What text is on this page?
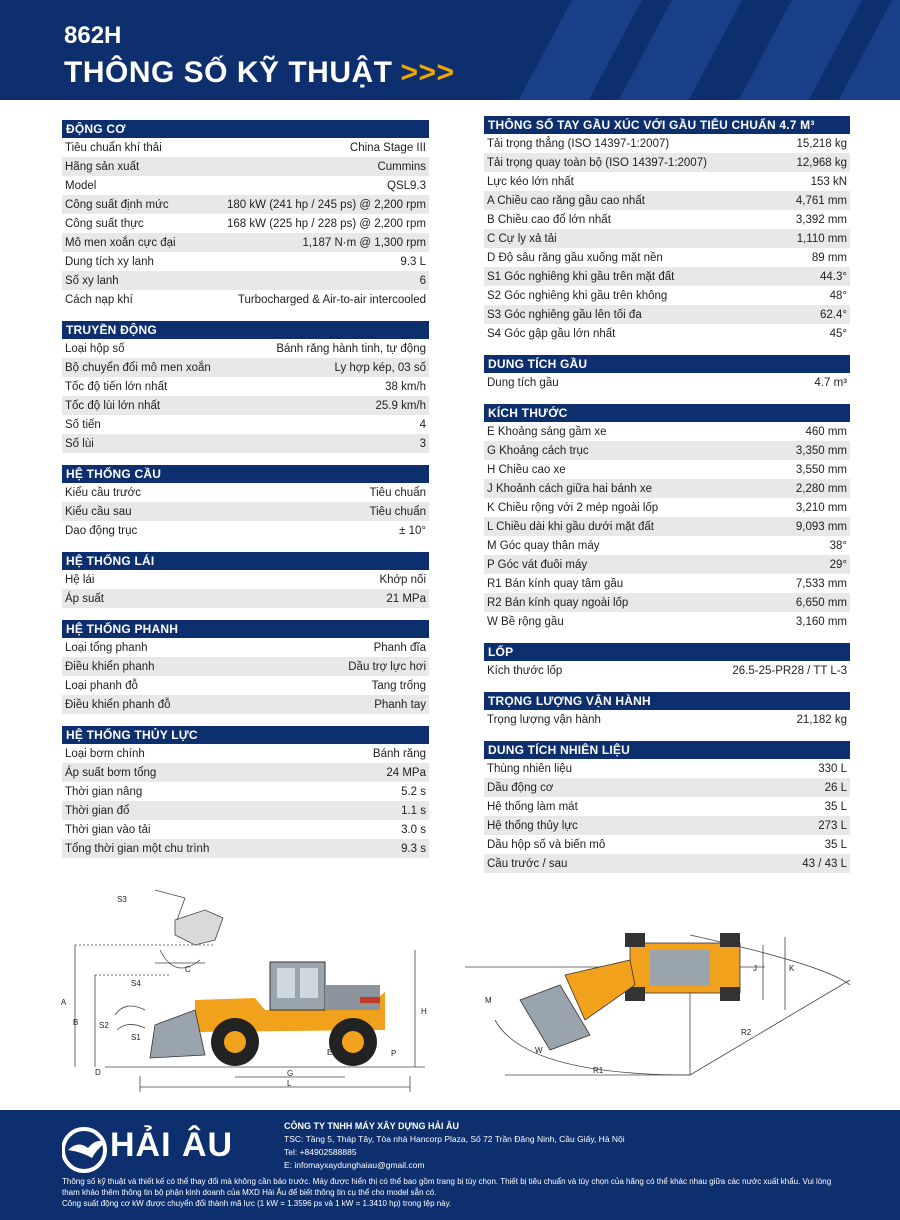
862H
THÔNG SỐ KỸ THUẬT >>>
ĐỘNG CƠ
Tiêu chuẩn khí thải	China Stage III
Hãng sản xuất	Cummins
Model	QSL9.3
Công suất định mức	180 kW (241 hp / 245 ps) @ 2,200 rpm
Công suất thực	168 kW (225 hp / 228 ps) @ 2,200 rpm
Mô men xoắn cực đại	1,187 N·m @ 1,300 rpm
Dung tích xy lanh	9.3 L
Số xy lanh	6
Cách nạp khí	Turbocharged & Air-to-air intercooled
TRUYỀN ĐỘNG
Loại hộp số	Bánh răng hành tinh, tự động
Bộ chuyển đổi mô men xoắn	Ly hợp kép, 03 số
Tốc độ tiến lớn nhất	38 km/h
Tốc độ lùi lớn nhất	25.9 km/h
Số tiến	4
Số lùi	3
HỆ THỐNG CẦU
Kiểu cầu trước	Tiêu chuẩn
Kiểu cầu sau	Tiêu chuẩn
Dao động trục	± 10°
HỆ THỐNG LÁI
Hệ lái	Khớp nối
Áp suất	21 MPa
HỆ THỐNG PHANH
Loại tổng phanh	Phanh đĩa
Điều khiển phanh	Dầu trợ lực hơi
Loại phanh đỗ	Tang trống
Điều khiển phanh đỗ	Phanh tay
HỆ THỐNG THỦY LỰC
Loại bơm chính	Bánh răng
Áp suất bơm tổng	24 MPa
Thời gian nâng	5.2 s
Thời gian đổ	1.1 s
Thời gian vào tải	3.0 s
Tổng thời gian một chu trình	9.3 s
THÔNG SỐ TAY GẦU XÚC VỚI GẦU TIÊU CHUẨN 4.7 M³
Tải trọng thẳng (ISO 14397-1:2007)	15,218 kg
Tải trọng quay toàn bộ (ISO 14397-1:2007)	12,968 kg
Lực kéo lớn nhất	153 kN
A Chiều cao răng gầu cao nhất	4,761 mm
B Chiều cao đổ lớn nhất	3,392 mm
C Cự ly xả tải	1,110 mm
D Độ sâu răng gầu xuống mặt nền	89 mm
S1 Góc nghiêng khi gầu trên mặt đất	44.3°
S2 Góc nghiêng khi gầu trên không	48°
S3 Góc nghiêng gầu lên tối đa	62.4°
S4 Góc gập gầu lớn nhất	45°
DUNG TÍCH GẦU
Dung tích gầu	4.7 m³
KÍCH THƯỚC
E Khoảng sáng gầm xe	460 mm
G Khoảng cách trục	3,350 mm
H Chiều cao xe	3,550 mm
J Khoảnh cách giữa hai bánh xe	2,280 mm
K Chiều rộng với 2 mép ngoài lốp	3,210 mm
L Chiều dài khi gầu dưới mặt đất	9,093 mm
M Góc quay thân máy	38°
P Góc vát đuôi máy	29°
R1 Bán kính quay tâm gầu	7,533 mm
R2 Bán kính quay ngoài lốp	6,650 mm
W Bề rộng gầu	3,160 mm
LỐP
Kích thước lốp	26.5-25-PR28 / TT L-3
TRỌNG LƯỢNG VẬN HÀNH
Trọng lượng vận hành	21,182 kg
DUNG TÍCH NHIÊN LIỆU
Thùng nhiên liệu	330 L
Dầu động cơ	26 L
Hệ thống làm mát	35 L
Hệ thống thủy lực	273 L
Dầu hộp số và biến mô	35 L
Cầu trước / sau	43 / 43 L
S3
C
S4
S2
S1
A
B
D
E
G
L
H
P
J	K
M
W
R2
R1
HẢI ÂU	CÔNG TY TNHH MÁY XÂY DỰNG HẢI ÂU
TSC: Tầng 5, Tháp Tây, Tòa nhà Hancorp Plaza, Số 72 Trần Đăng Ninh, Cầu Giấy, Hà Nội
Tel: +84902588885
E: infomayxaydunghaiau@gmail.com
Thông số kỹ thuật và thiết kế có thể thay đổi mà không cần báo trước. Máy được hiển thị có thể bao gồm trang bị tùy chọn. Thiết bị tiêu chuẩn và tùy chọn của hãng có thể khác nhau giữa các nước xuất khẩu. Vui lòng tham khảo thêm thông tin bộ phận kinh doanh của MXD Hải Âu để biết thông tin cụ thể cho model sẵn có.
Công suất động cơ kW được chuyển đổi thành mã lực (1 kW = 1.3596 ps và 1 kW = 1.3410 hp) trong tệp này.
